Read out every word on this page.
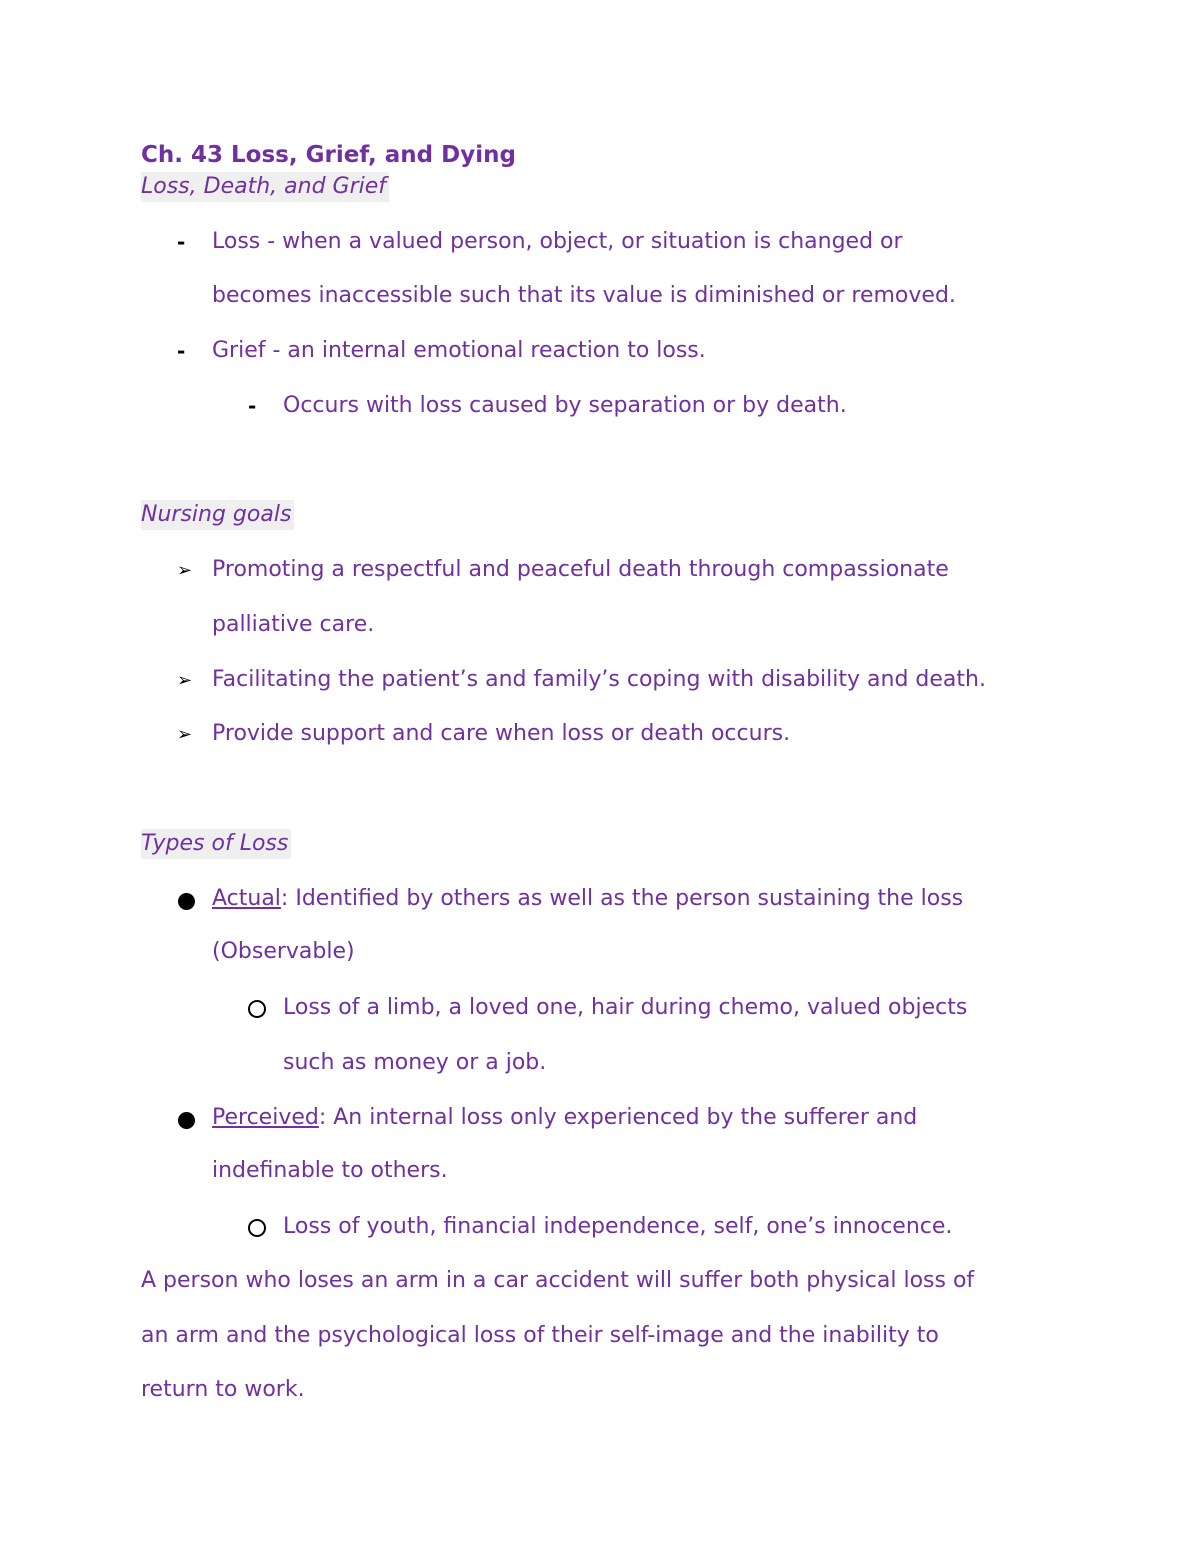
Ch. 43 Loss, Grief, and Dying
Loss, Death, and Grief
- Loss - when a valued person, object, or situation is changed or
becomes inaccessible such that its value is diminished or removed.
- Grief - an internal emotional reaction to loss.
- Occurs with loss caused by separation or by death.
Nursing goals
➢ Promoting a respectful and peaceful death through compassionate
palliative care.
➢ Facilitating the patient’s and family’s coping with disability and death.
➢ Provide support and care when loss or death occurs.
Types of Loss
Actual: Identified by others as well as the person sustaining the loss
(Observable)
Loss of a limb, a loved one, hair during chemo, valued objects
such as money or a job.
Perceived: An internal loss only experienced by the sufferer and
indefinable to others.
Loss of youth, financial independence, self, one’s innocence.
A person who loses an arm in a car accident will suffer both physical loss of
an arm and the psychological loss of their self-image and the inability to
return to work.
